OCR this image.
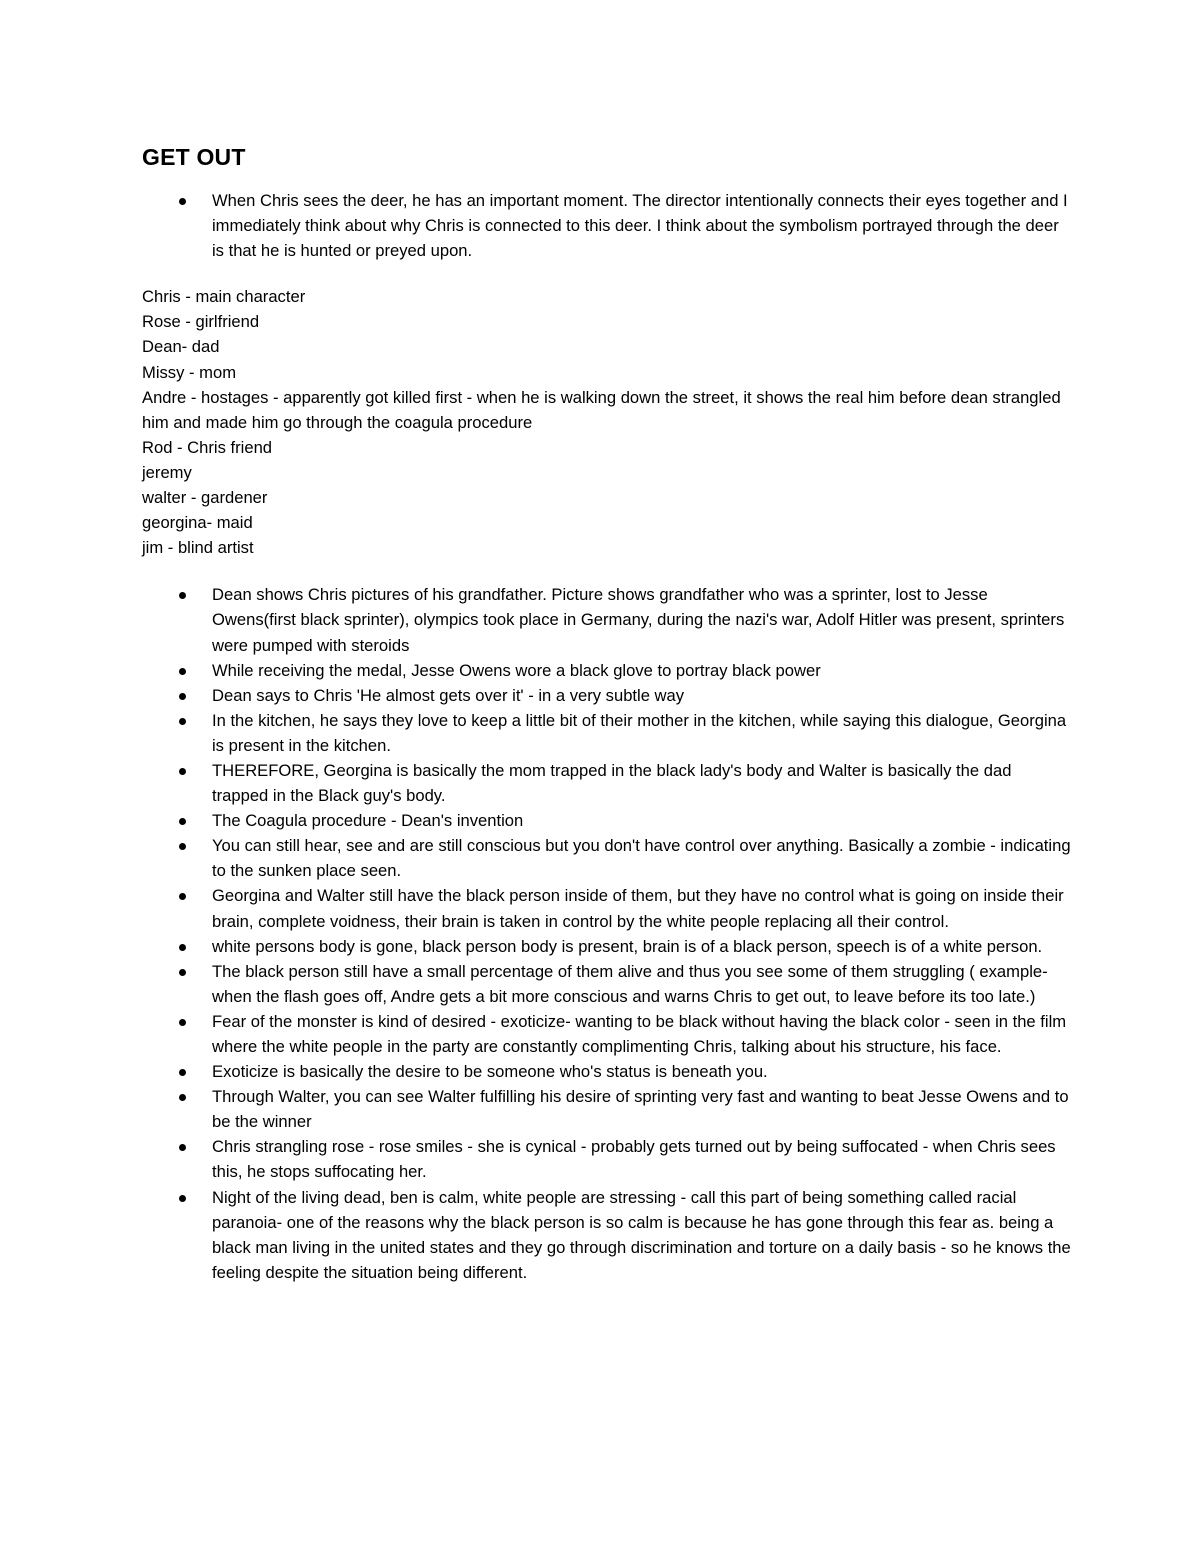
GET OUT
When Chris sees the deer, he has an important moment. The director intentionally connects their eyes together and I immediately think about why Chris is connected to this deer. I think about the symbolism portrayed through the deer is that he is hunted or preyed upon.
Chris - main character
Rose - girlfriend
Dean- dad
Missy - mom
Andre - hostages - apparently got killed first - when he is walking down the street, it shows the real him before dean strangled him and made him go through the coagula procedure
Rod - Chris friend
jeremy
walter - gardener
georgina- maid
jim - blind artist
Dean shows Chris pictures of his grandfather. Picture shows grandfather who was a sprinter, lost to Jesse Owens(first black sprinter), olympics took place in Germany, during the nazi's war, Adolf Hitler was present, sprinters were pumped with steroids
While receiving the medal, Jesse Owens wore a black glove to portray black power
Dean says to Chris 'He almost gets over it' - in a very subtle way
In the kitchen, he says they love to keep a little bit of their mother in the kitchen, while saying this dialogue, Georgina is present in the kitchen.
THEREFORE, Georgina is basically the mom trapped in the black lady's body and Walter is basically the dad trapped in the Black guy's body.
The Coagula procedure - Dean's invention
You can still hear, see and are still conscious but you don't have control over anything. Basically a zombie - indicating to the sunken place seen.
Georgina and Walter still have the black person inside of them, but they have no control what is going on inside their brain, complete voidness, their brain is taken in control by the white people replacing all their control.
white persons body is gone, black person body is present, brain is of a black person, speech is of a white person.
The black person still have a small percentage of them alive and thus you see some of them struggling ( example- when the flash goes off, Andre gets a bit more conscious and warns Chris to get out, to leave before its too late.)
Fear of the monster is kind of desired - exoticize- wanting to be black without having the black color - seen in the film where the white people in the party are constantly complimenting Chris, talking about his structure, his face.
Exoticize is basically the desire to be someone who's status is beneath you.
Through Walter, you can see Walter fulfilling his desire of sprinting very fast and wanting to beat Jesse Owens and to be the winner
Chris strangling rose - rose smiles - she is cynical - probably gets turned out by being suffocated - when Chris sees this, he stops suffocating her.
Night of the living dead, ben is calm, white people are stressing - call this part of being something called racial paranoia- one of the reasons why the black person is so calm is because he has gone through this fear as. being a black man living in the united states and they go through discrimination and torture on a daily basis - so he knows the feeling despite the situation being different.
